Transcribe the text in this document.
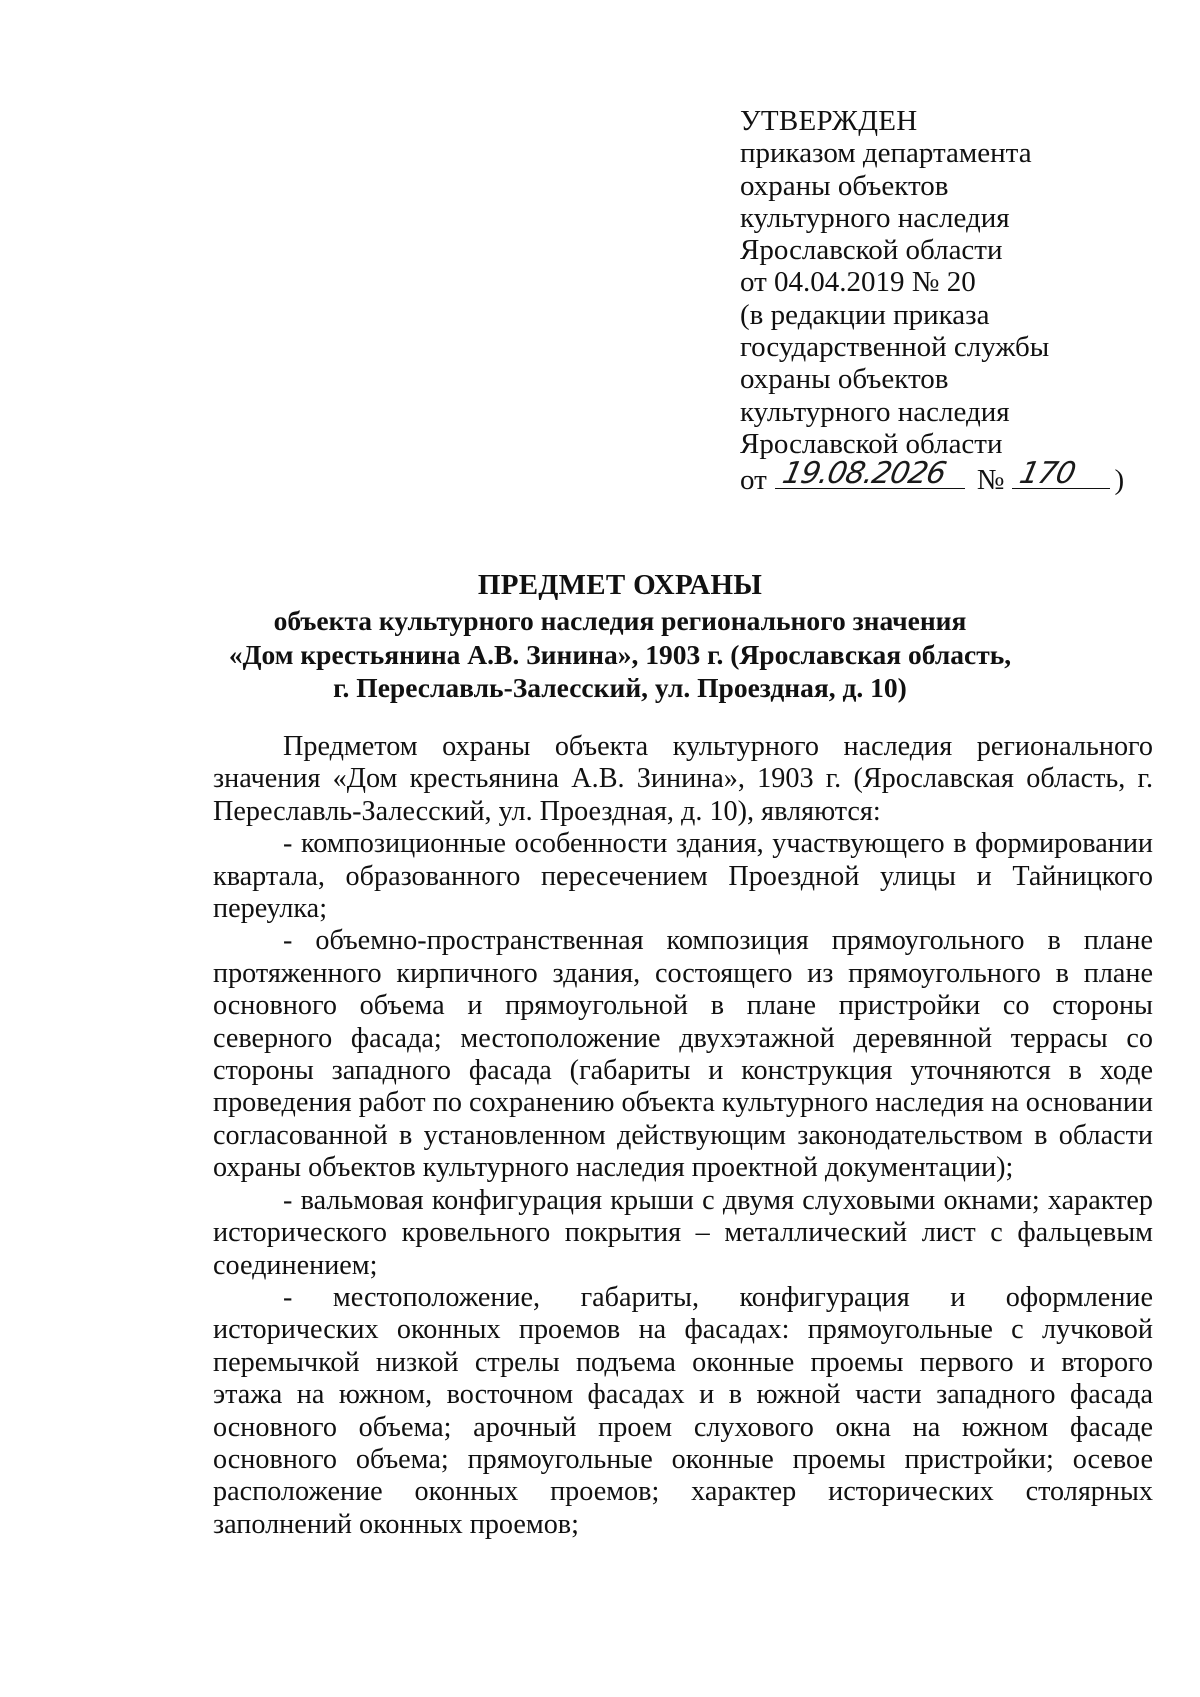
УТВЕРЖДЕН
приказом департамента
охраны объектов
культурного наследия
Ярославской области
от 04.04.2019 № 20
(в редакции приказа
государственной службы
охраны объектов
культурного наследия
Ярославской области
от 19.08.2026 № 170 )
ПРЕДМЕТ ОХРАНЫ
объекта культурного наследия регионального значения
«Дом крестьянина А.В. Зинина», 1903 г. (Ярославская область,
г. Переславль-Залесский, ул. Проездная, д. 10)

Предметом охраны объекта культурного наследия регионального значения «Дом крестьянина А.В. Зинина», 1903 г. (Ярославская область, г. Переславль-Залесский, ул. Проездная, д. 10), являются:

- композиционные особенности здания, участвующего в формировании квартала, образованного пересечением Проездной улицы и Тайницкого переулка;

- объемно-пространственная композиция прямоугольного в плане протяженного кирпичного здания, состоящего из прямоугольного в плане основного объема и прямоугольной в плане пристройки со стороны северного фасада; местоположение двухэтажной деревянной террасы со стороны западного фасада (габариты и конструкция уточняются в ходе проведения работ по сохранению объекта культурного наследия на основании согласованной в установленном действующим законодательством в области охраны объектов культурного наследия проектной документации);

- вальмовая конфигурация крыши с двумя слуховыми окнами; характер исторического кровельного покрытия – металлический лист с фальцевым соединением;

- местоположение, габариты, конфигурация и оформление исторических оконных проемов на фасадах: прямоугольные с лучковой перемычкой низкой стрелы подъема оконные проемы первого и второго этажа на южном, восточном фасадах и в южной части западного фасада основного объема; арочный проем слухового окна на южном фасаде основного объема; прямоугольные оконные проемы пристройки; осевое расположение оконных проемов; характер исторических столярных заполнений оконных проемов;
